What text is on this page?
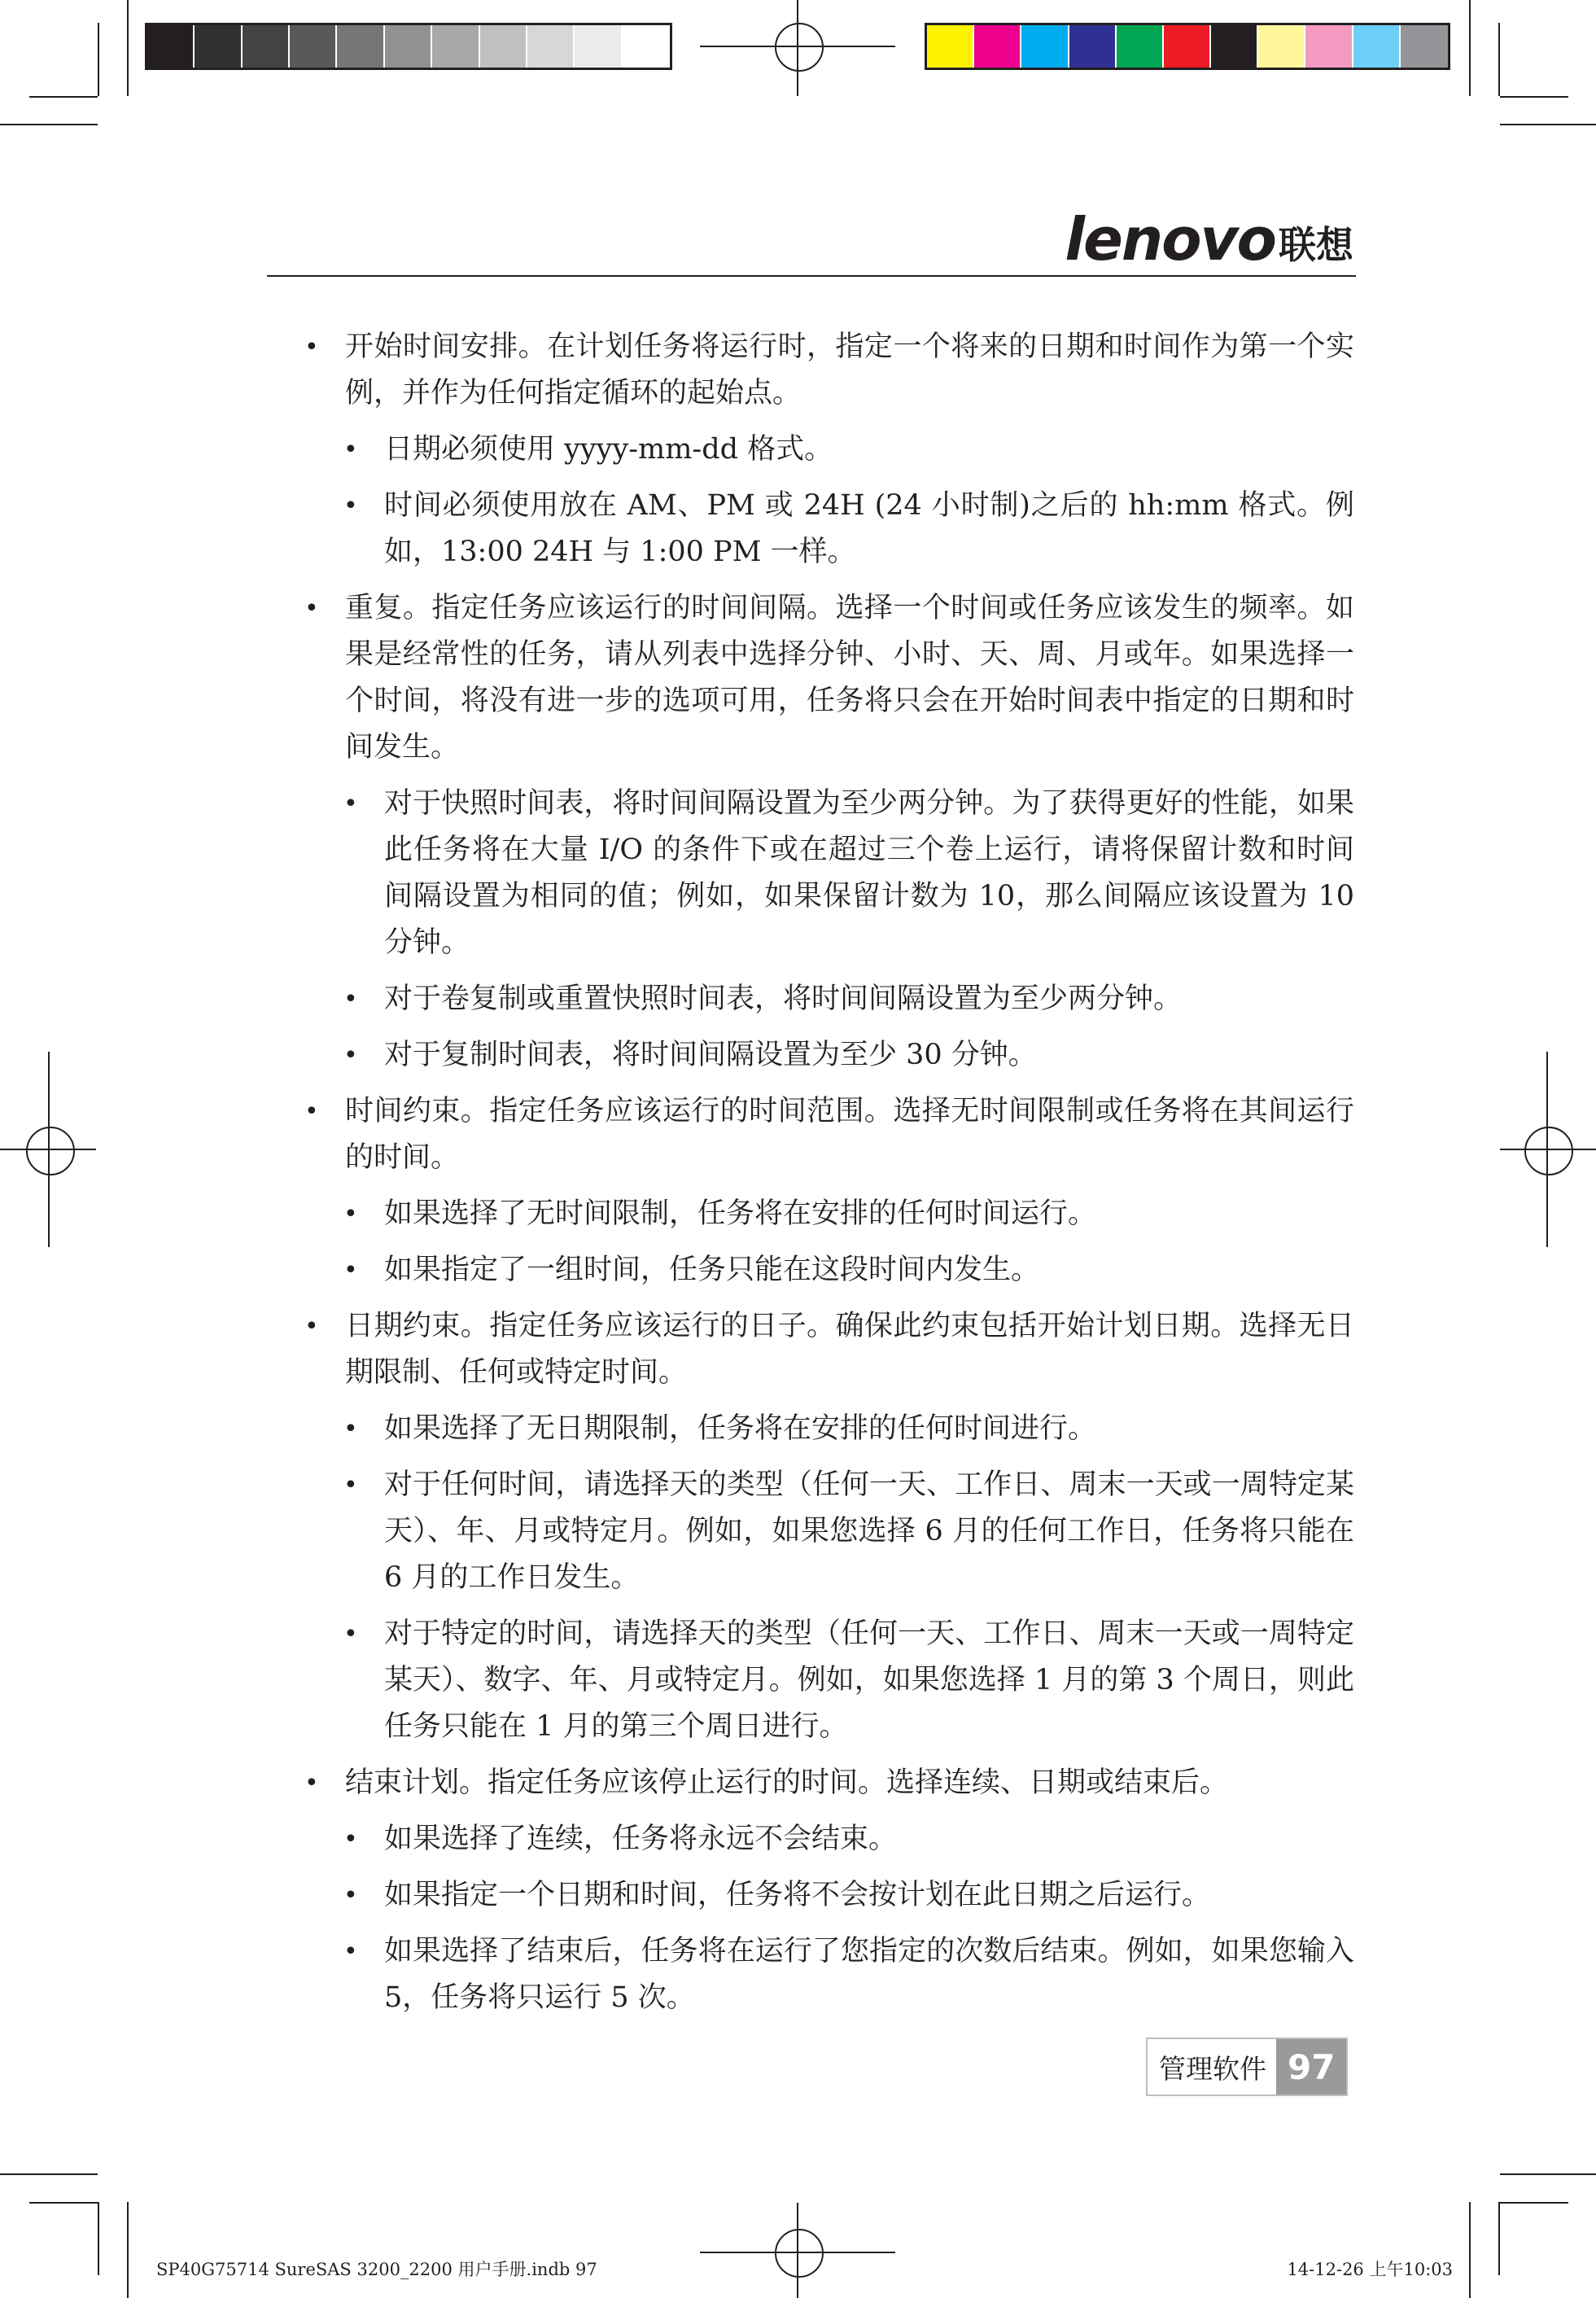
lenovo 联想

• 开始时间安排。在计划任务将运行时，指定一个将来的日期和时间作为第一个实例，并作为任何指定循环的起始点。

• 日期必须使用 yyyy-mm-dd 格式。

• 时间必须使用放在 AM、PM 或 24H (24 小时制)之后的 hh:mm 格式。例如，13:00 24H 与 1:00 PM 一样。

• 重复。指定任务应该运行的时间间隔。选择一个时间或任务应该发生的频率。如果是经常性的任务，请从列表中选择分钟、小时、天、周、月或年。如果选择一个时间，将没有进一步的选项可用，任务将只会在开始时间表中指定的日期和时间发生。

• 对于快照时间表，将时间间隔设置为至少两分钟。为了获得更好的性能，如果此任务将在大量 I/O 的条件下或在超过三个卷上运行，请将保留计数和时间间隔设置为相同的值；例如，如果保留计数为 10，那么间隔应该设置为 10 分钟。

• 对于卷复制或重置快照时间表，将时间间隔设置为至少两分钟。

• 对于复制时间表，将时间间隔设置为至少 30 分钟。

• 时间约束。指定任务应该运行的时间范围。选择无时间限制或任务将在其间运行的时间。

• 如果选择了无时间限制，任务将在安排的任何时间运行。

• 如果指定了一组时间，任务只能在这段时间内发生。

• 日期约束。指定任务应该运行的日子。确保此约束包括开始计划日期。选择无日期限制、任何或特定时间。

• 如果选择了无日期限制，任务将在安排的任何时间进行。

• 对于任何时间，请选择天的类型（任何一天、工作日、周末一天或一周特定某天）、年、月或特定月。例如，如果您选择 6 月的任何工作日，任务将只能在 6 月的工作日发生。

• 对于特定的时间，请选择天的类型（任何一天、工作日、周末一天或一周特定某天）、数字、年、月或特定月。例如，如果您选择 1 月的第 3 个周日，则此任务只能在 1 月的第三个周日进行。

• 结束计划。指定任务应该停止运行的时间。选择连续、日期或结束后。

• 如果选择了连续，任务将永远不会结束。

• 如果指定一个日期和时间，任务将不会按计划在此日期之后运行。

• 如果选择了结束后，任务将在运行了您指定的次数后结束。例如，如果您输入 5，任务将只运行 5 次。

管理软件 97
SP40G75714 SureSAS 3200_2200 用户手册.indb 97	14-12-26 上午10:03
